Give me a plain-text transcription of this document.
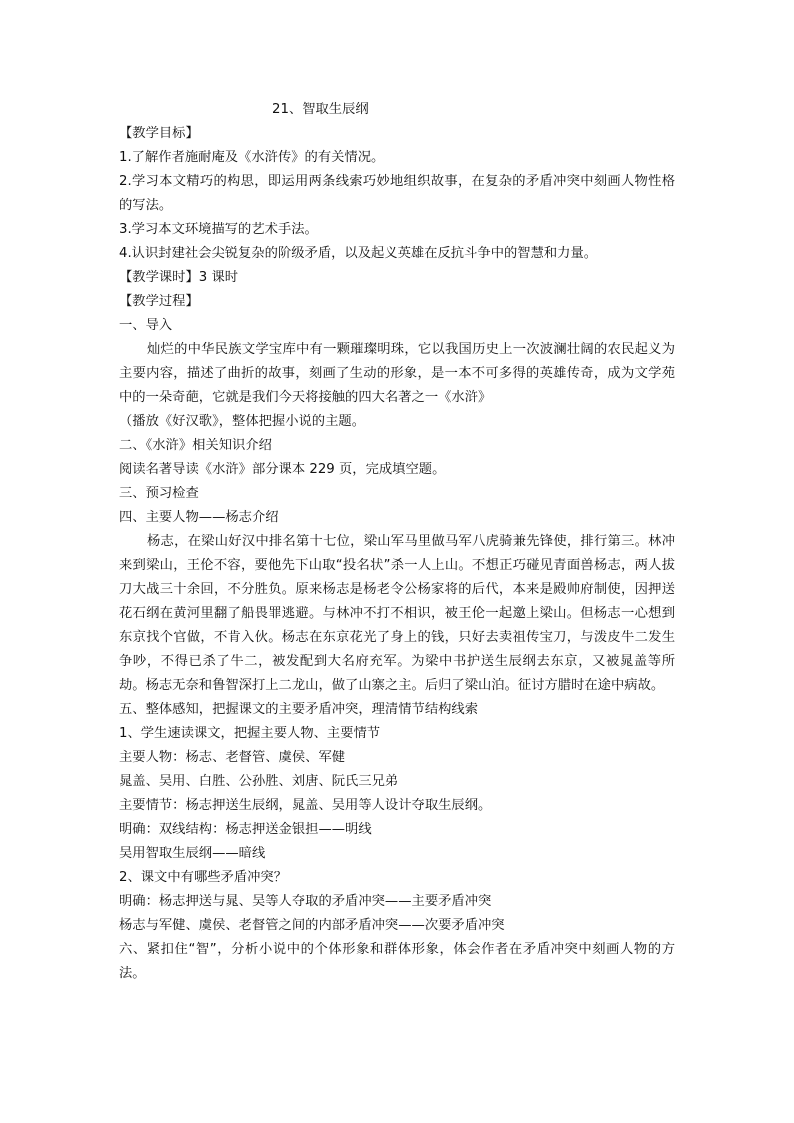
21、智取生辰纲
【教学目标】
1.了解作者施耐庵及《水浒传》的有关情况。
2.学习本文精巧的构思，即运用两条线索巧妙地组织故事，在复杂的矛盾冲突中刻画人物性格的写法。
3.学习本文环境描写的艺术手法。
4.认识封建社会尖锐复杂的阶级矛盾，以及起义英雄在反抗斗争中的智慧和力量。
【教学课时】3 课时
【教学过程】
一、导入
灿烂的中华民族文学宝库中有一颗璀璨明珠，它以我国历史上一次波澜壮阔的农民起义为主要内容，描述了曲折的故事，刻画了生动的形象，是一本不可多得的英雄传奇，成为文学苑中的一朵奇葩，它就是我们今天将接触的四大名著之一《水浒》
（播放《好汉歌》，整体把握小说的主题。
二、《水浒》相关知识介绍
阅读名著导读《水浒》部分课本 229 页，完成填空题。
三、预习检查
四、主要人物——杨志介绍
杨志，在梁山好汉中排名第十七位，梁山军马里做马军八虎骑兼先锋使，排行第三。林冲来到梁山，王伦不容，要他先下山取“投名状”杀一人上山。不想正巧碰见青面兽杨志，两人拔刀大战三十余回，不分胜负。原来杨志是杨老令公杨家将的后代，本来是殿帅府制使，因押送花石纲在黄河里翻了船畏罪逃避。与林冲不打不相识，被王伦一起邀上梁山。但杨志一心想到东京找个官做，不肯入伙。杨志在东京花光了身上的钱，只好去卖祖传宝刀，与泼皮牛二发生争吵，不得已杀了牛二，被发配到大名府充军。为梁中书护送生辰纲去东京，又被晁盖等所劫。杨志无奈和鲁智深打上二龙山，做了山寨之主。后归了梁山泊。征讨方腊时在途中病故。
五、整体感知，把握课文的主要矛盾冲突，理清情节结构线索
1、学生速读课文，把握主要人物、主要情节
主要人物：杨志、老督管、虞侯、军健
晁盖、吴用、白胜、公孙胜、刘唐、阮氏三兄弟
主要情节：杨志押送生辰纲，晁盖、吴用等人设计夺取生辰纲。
明确：双线结构：杨志押送金银担——明线
吴用智取生辰纲——暗线
2、课文中有哪些矛盾冲突？
明确：杨志押送与晁、吴等人夺取的矛盾冲突——主要矛盾冲突
杨志与军健、虞侯、老督管之间的内部矛盾冲突——次要矛盾冲突
六、紧扣住“智”，分析小说中的个体形象和群体形象，体会作者在矛盾冲突中刻画人物的方法。
